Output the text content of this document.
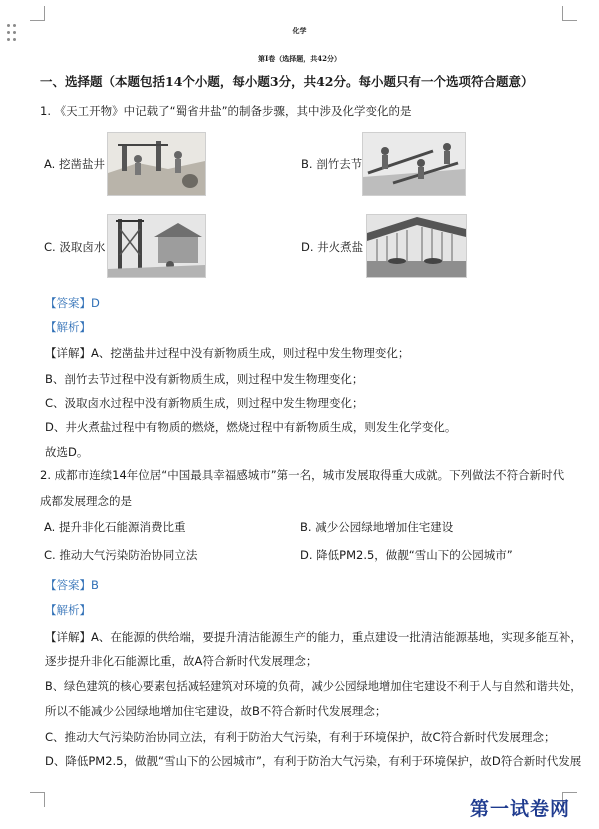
化学
第Ⅰ卷（选择题，共42分）
一、选择题（本题包括14个小题，每小题3分，共42分。每小题只有一个选项符合题意）
1. 《天工开物》中记载了“蜀省井盐”的制备步骤，其中涉及化学变化的是
A. 挖凿盐井	B. 剖竹去节
C. 汲取卤水	D. 井火煮盐
【答案】D
【解析】
【详解】A、挖凿盐井过程中没有新物质生成，则过程中发生物理变化；
B、剖竹去节过程中没有新物质生成，则过程中发生物理变化；
C、汲取卤水过程中没有新物质生成，则过程中发生物理变化；
D、井火煮盐过程中有物质的燃烧，燃烧过程中有新物质生成，则发生化学变化。
故选D。
2. 成都市连续14年位居“中国最具幸福感城市”第一名，城市发展取得重大成就。下列做法不符合新时代
成都发展理念的是
A. 提升非化石能源消费比重	B. 减少公园绿地增加住宅建设
C. 推动大气污染防治协同立法	D. 降低PM2.5，做靓“雪山下的公园城市”
【答案】B
【解析】
【详解】A、在能源的供给端，要提升清洁能源生产的能力，重点建设一批清洁能源基地，实现多能互补，
逐步提升非化石能源比重，故A符合新时代发展理念；
B、绿色建筑的核心要素包括减轻建筑对环境的负荷，减少公园绿地增加住宅建设不利于人与自然和谐共处，
所以不能减少公园绿地增加住宅建设，故B不符合新时代发展理念；
C、推动大气污染防治协同立法，有利于防治大气污染，有利于环境保护，故C符合新时代发展理念；
D、降低PM2.5，做靓“雪山下的公园城市”，有利于防治大气污染，有利于环境保护，故D符合新时代发展
第一试卷网
